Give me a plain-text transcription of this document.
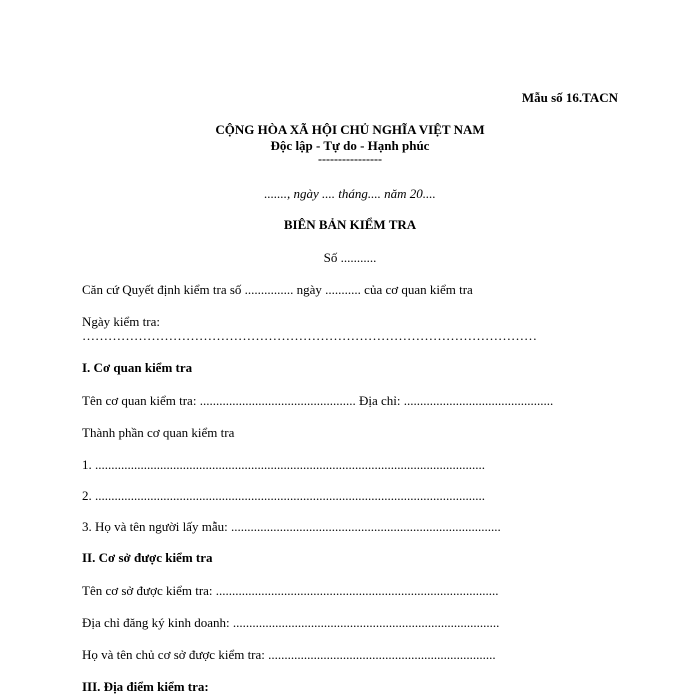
Mẫu số 16.TACN

CỘNG HÒA XÃ HỘI CHỦ NGHĨA VIỆT NAM

Độc lập - Tự do - Hạnh phúc

----------------

......., ngày .... tháng.... năm 20....

BIÊN BẢN KIỂM TRA

Số ...........

Căn cứ Quyết định kiểm tra số ............... ngày ........... của cơ quan kiểm tra

Ngày kiểm tra:

……………………………………………………………………………………………

I. Cơ quan kiểm tra

Tên cơ quan kiểm tra: ................................................ Địa chỉ: ..............................................

Thành phần cơ quan kiểm tra

1. ........................................................................................................................

2. ........................................................................................................................

3. Họ và tên người lấy mẫu: ...................................................................................

II. Cơ sở được kiểm tra

Tên cơ sở được kiểm tra: .......................................................................................

Địa chỉ đăng ký kinh doanh: ..................................................................................

Họ và tên chủ cơ sở được kiểm tra: ......................................................................

III. Địa điểm kiểm tra:
